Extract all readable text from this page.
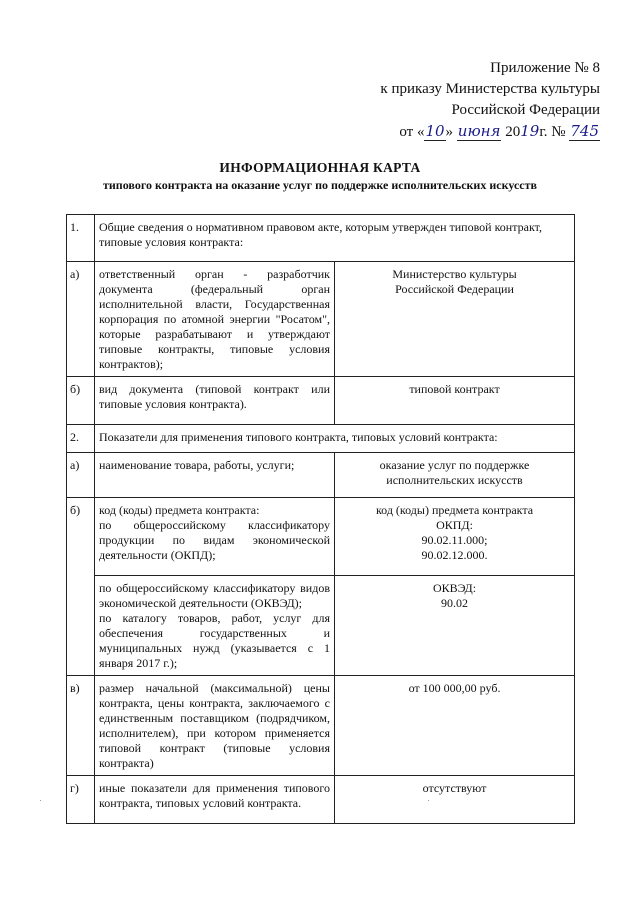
Приложение № 8
к приказу Министерства культуры
Российской Федерации
от «10» июня 2019г. № 745
ИНФОРМАЦИОННАЯ КАРТА
типового контракта на оказание услуг по поддержке исполнительских искусств
1.	Общие сведения о нормативном правовом акте, которым утвержден типовой контракт, типовые условия контракта:	
а)	ответственный орган - разработчик документа (федеральный орган исполнительной власти, Государственная корпорация по атомной энергии "Росатом", которые разрабатывают и утверждают типовые контракты, типовые условия контрактов);	Министерство культуры
Российской Федерации

б)	вид документа (типовой контракт или типовые условия контракта).	типовой контракт
2.	Показатели для применения типового контракта, типовых условий контракта:	
а)	наименование товара, работы, услуги;	оказание услуг по поддержке
исполнительских искусств

б)	код (коды) предмета контракта:
по общероссийскому классификатору продукции по видам экономической деятельности (ОКПД);	код (коды) предмета контракта
ОКПД:
90.02.11.000;
90.02.12.000.

	по общероссийскому классификатору видов экономической деятельности (ОКВЭД);
по каталогу товаров, работ, услуг для обеспечения государственных и муниципальных нужд (указывается с 1 января 2017 г.);	ОКВЭД:
90.02

в)	размер начальной (максимальной) цены контракта, цены контракта, заключаемого с единственным поставщиком (подрядчиком, исполнителем), при котором применяется типовой контракт (типовые условия контракта)	от 100 000,00 руб.
г)	иные показатели для применения типового контракта, типовых условий контракта.	отсутствуют
